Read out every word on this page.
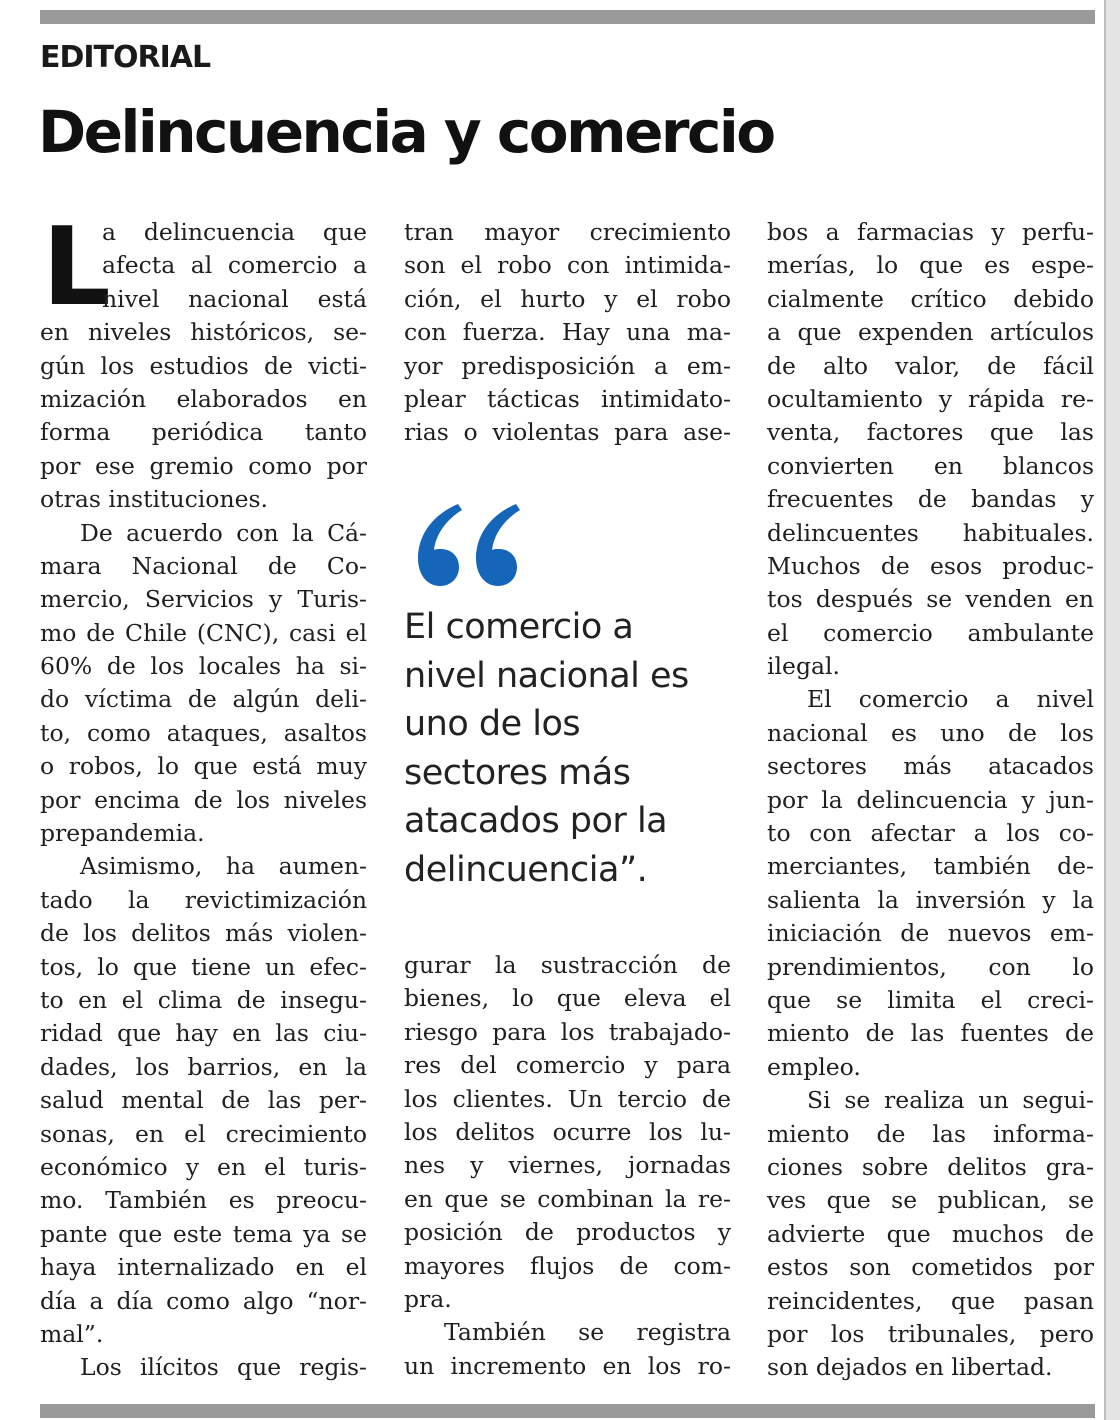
EDITORIAL
Delincuencia y comercio
L
a delincuencia que
afecta al comercio a
nivel nacional está
en niveles históricos, se-
gún los estudios de victi-
mización elaborados en
forma periódica tanto
por ese gremio como por
otras instituciones.
De acuerdo con la Cá-
mara Nacional de Co-
mercio, Servicios y Turis-
mo de Chile (CNC), casi el
60% de los locales ha si-
do víctima de algún deli-
to, como ataques, asaltos
o robos, lo que está muy
por encima de los niveles
prepandemia.
Asimismo, ha aumen-
tado la revictimización
de los delitos más violen-
tos, lo que tiene un efec-
to en el clima de insegu-
ridad que hay en las ciu-
dades, los barrios, en la
salud mental de las per-
sonas, en el crecimiento
económico y en el turis-
mo. También es preocu-
pante que este tema ya se
haya internalizado en el
día a día como algo “nor-
mal”.
Los ilícitos que regis-
tran mayor crecimiento
son el robo con intimida-
ción, el hurto y el robo
con fuerza. Hay una ma-
yor predisposición a em-
plear tácticas intimidato-
rias o violentas para ase-
El comercio a
nivel nacional es
uno de los
sectores más
atacados por la
delincuencia”.
gurar la sustracción de
bienes, lo que eleva el
riesgo para los trabajado-
res del comercio y para
los clientes. Un tercio de
los delitos ocurre los lu-
nes y viernes, jornadas
en que se combinan la re-
posición de productos y
mayores flujos de com-
pra.
También se registra
un incremento en los ro-
bos a farmacias y perfu-
merías, lo que es espe-
cialmente crítico debido
a que expenden artículos
de alto valor, de fácil
ocultamiento y rápida re-
venta, factores que las
convierten en blancos
frecuentes de bandas y
delincuentes habituales.
Muchos de esos produc-
tos después se venden en
el comercio ambulante
ilegal.
El comercio a nivel
nacional es uno de los
sectores más atacados
por la delincuencia y jun-
to con afectar a los co-
merciantes, también de-
salienta la inversión y la
iniciación de nuevos em-
prendimientos, con lo
que se limita el creci-
miento de las fuentes de
empleo.
Si se realiza un segui-
miento de las informa-
ciones sobre delitos gra-
ves que se publican, se
advierte que muchos de
estos son cometidos por
reincidentes, que pasan
por los tribunales, pero
son dejados en libertad.
